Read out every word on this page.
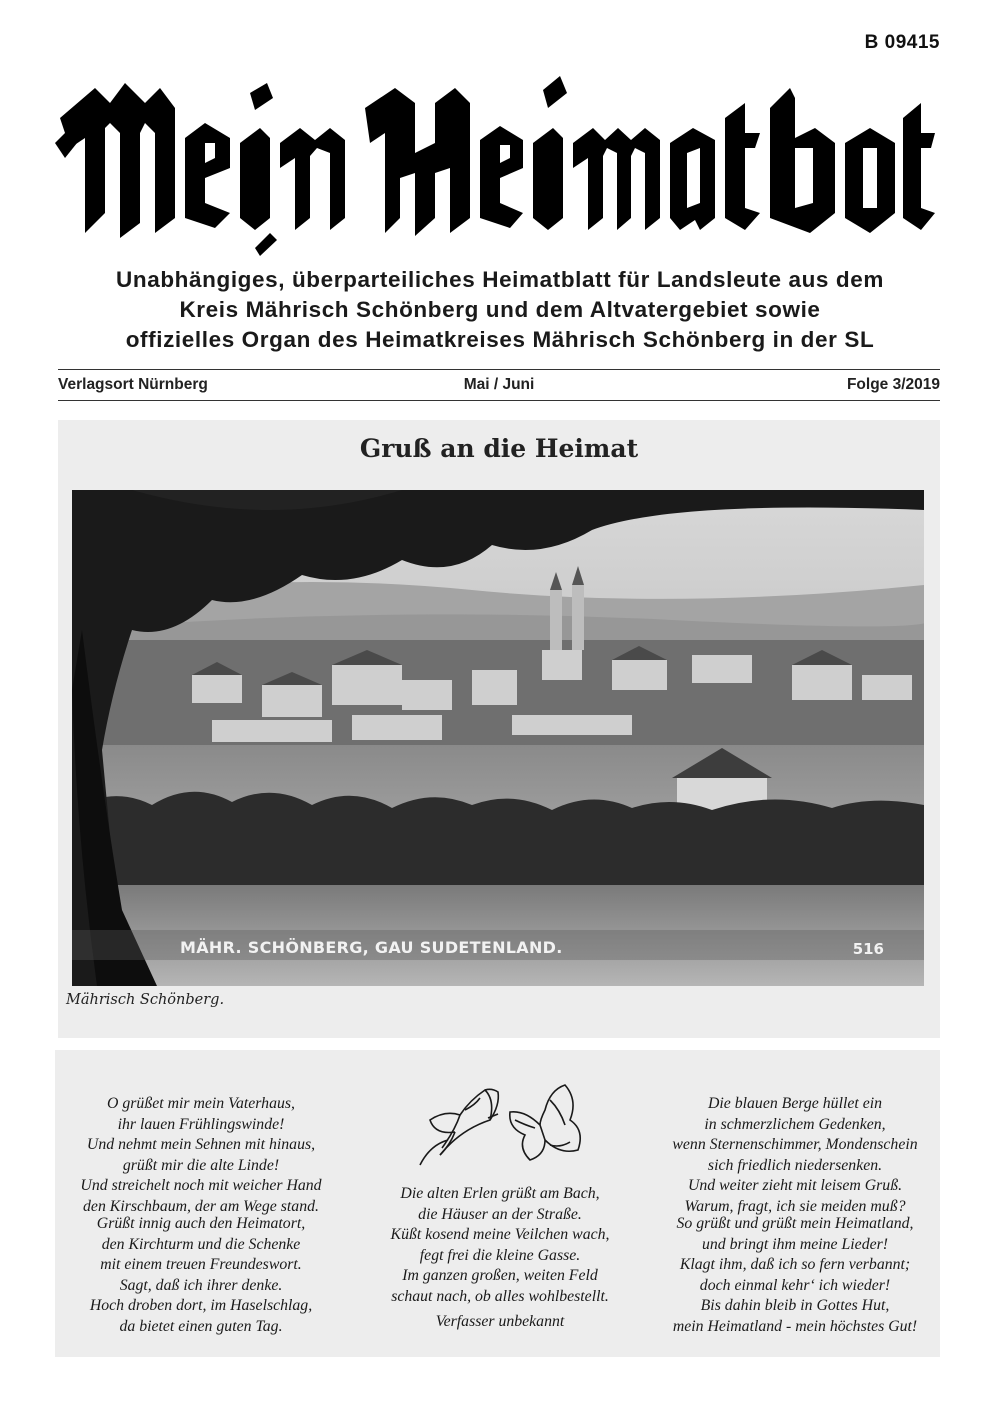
B 09415
Unabhängiges, überparteiliches Heimatblatt für Landsleute aus dem
Kreis Mährisch Schönberg und dem Altvatergebiet sowie
offizielles Organ des Heimatkreises Mährisch Schönberg in der SL
Verlagsort Nürnberg	Mai / Juni	Folge 3/2019
Gruß an die Heimat
MÄHR. SCHÖNBERG, GAU SUDETENLAND.	516
Mährisch Schönberg.
O grüßet mir mein Vaterhaus,
ihr lauen Frühlingswinde!
Und nehmt mein Sehnen mit hinaus,
grüßt mir die alte Linde!
Und streichelt noch mit weicher Hand
den Kirschbaum, der am Wege stand.
Grüßt innig auch den Heimatort,
den Kirchturm und die Schenke
mit einem treuen Freundeswort.
Sagt, daß ich ihrer denke.
Hoch droben dort, im Haselschlag,
da bietet einen guten Tag.
Die alten Erlen grüßt am Bach,
die Häuser an der Straße.
Küßt kosend meine Veilchen wach,
fegt frei die kleine Gasse.
Im ganzen großen, weiten Feld
schaut nach, ob alles wohlbestellt.
Verfasser unbekannt
Die blauen Berge hüllet ein
in schmerzlichem Gedenken,
wenn Sternenschimmer, Mondenschein
sich friedlich niedersenken.
Und weiter zieht mit leisem Gruß.
Warum, fragt, ich sie meiden muß?
So grüßt und grüßt mein Heimatland,
und bringt ihm meine Lieder!
Klagt ihm, daß ich so fern verbannt;
doch einmal kehr‘ ich wieder!
Bis dahin bleib in Gottes Hut,
mein Heimatland - mein höchstes Gut!
